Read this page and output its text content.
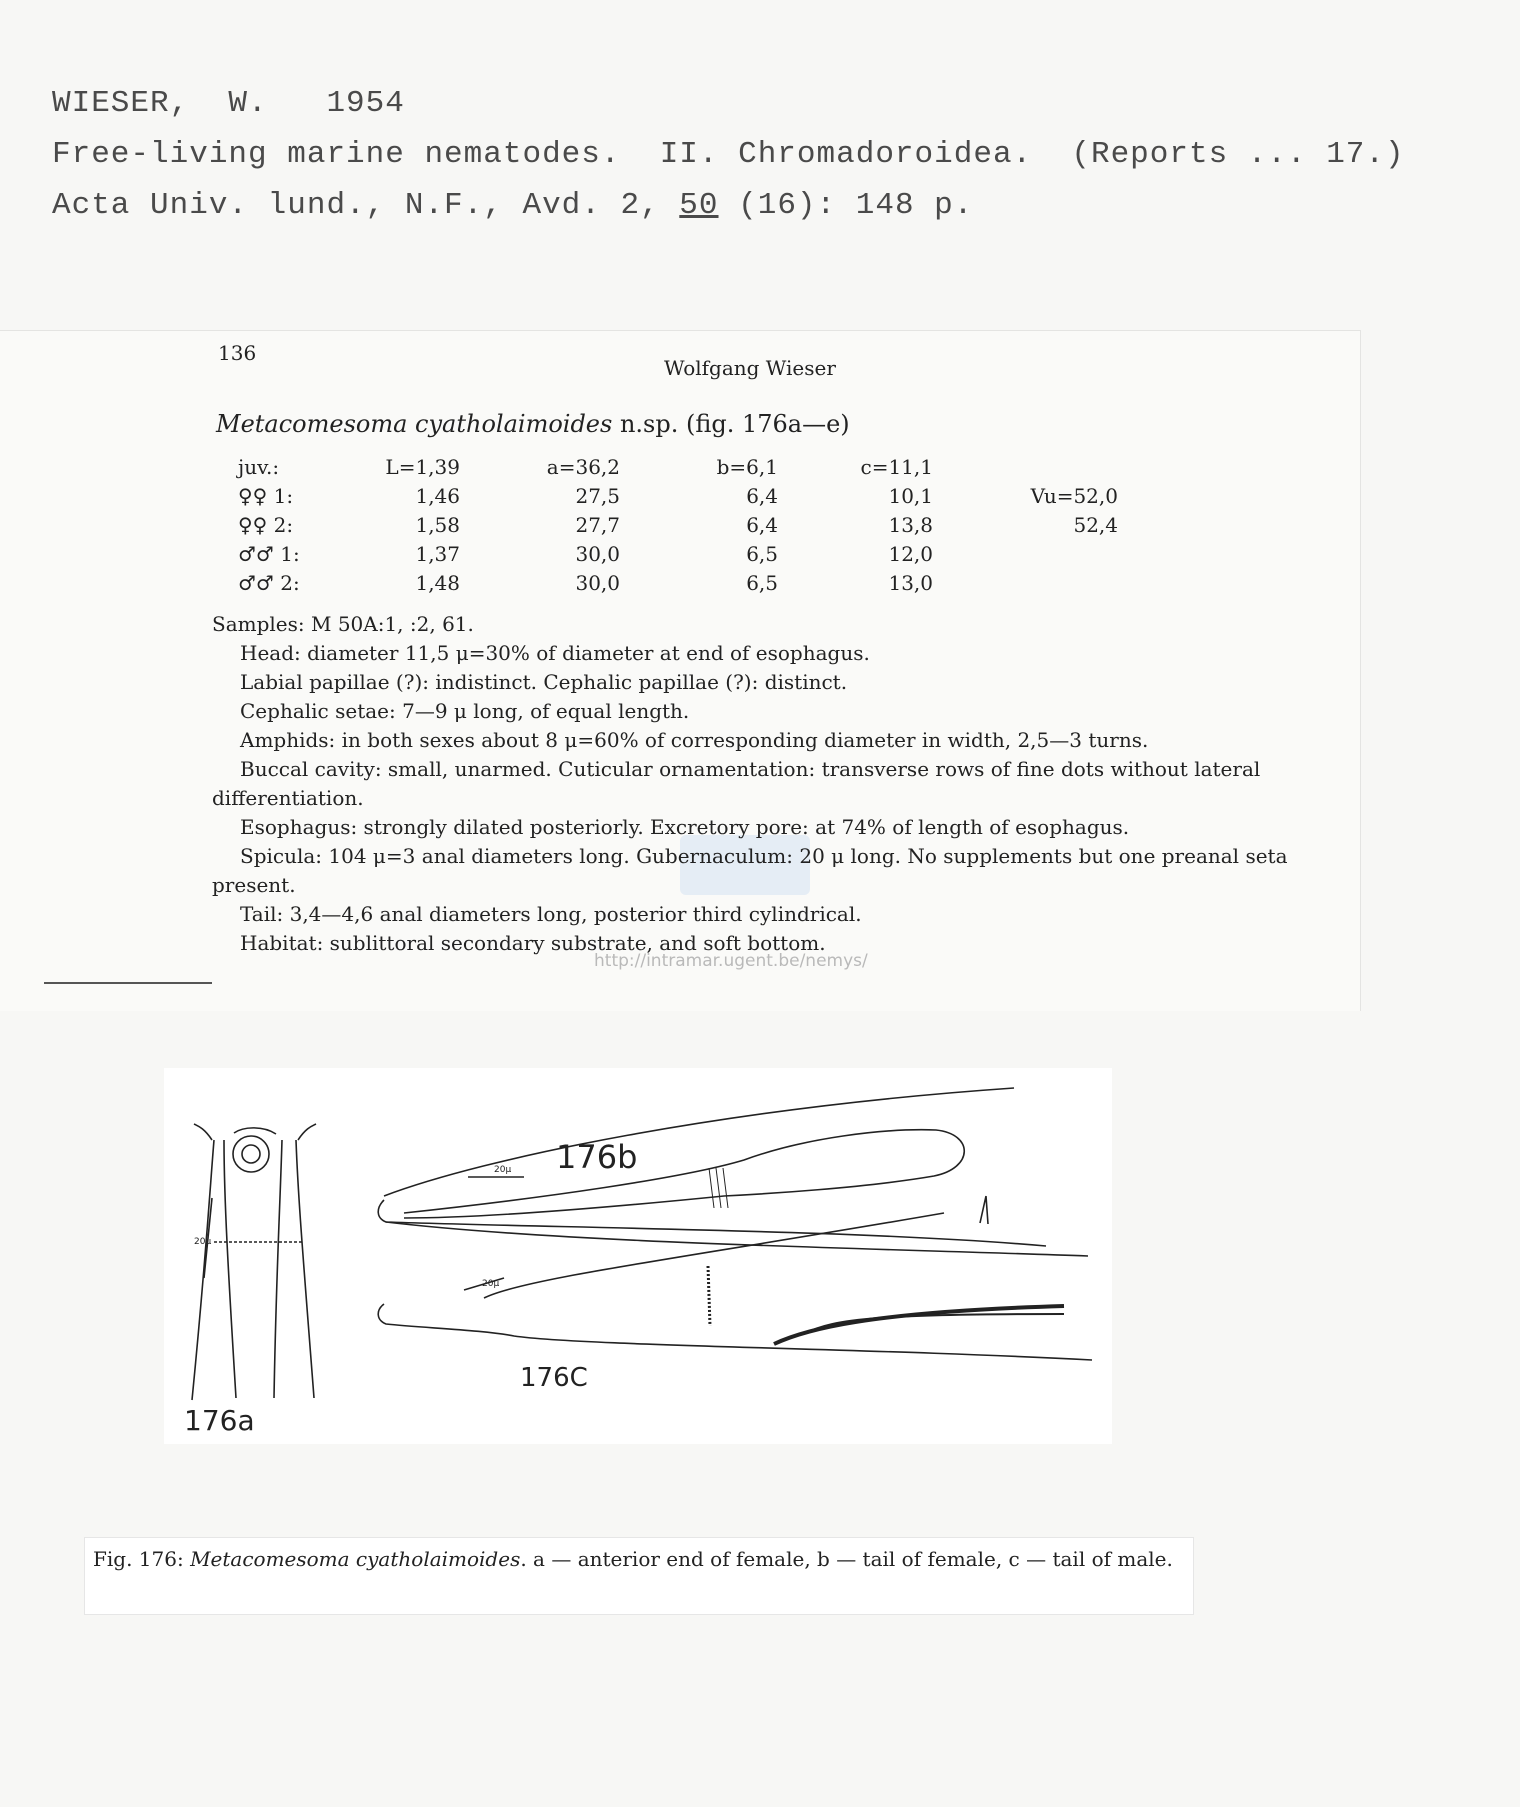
WIESER,  W.   1954
Free-living marine nematodes.  II. Chromadoroidea.  (Reports ... 17.)
Acta Univ. lund., N.F., Avd. 2, 50 (16): 148 p.
136
Wolfgang Wieser
Metacomesoma cyatholaimoides n.sp. (fig. 176a—e)
juv.:	L=1,39	a=36,2	b=6,1	c=11,1	
♀♀ 1:	1,46	27,5	6,4	10,1	Vu=52,0
♀♀ 2:	1,58	27,7	6,4	13,8	52,4
♂♂ 1:	1,37	30,0	6,5	12,0	
♂♂ 2:	1,48	30,0	6,5	13,0	

Samples: M 50A:1, :2, 61.

Head: diameter 11,5 μ=30% of diameter at end of esophagus.

Labial papillae (?): indistinct. Cephalic papillae (?): distinct.

Cephalic setae: 7—9 μ long, of equal length.

Amphids: in both sexes about 8 μ=60% of corresponding diameter in width, 2,5—3 turns.

Buccal cavity: small, unarmed. Cuticular ornamentation: transverse rows of fine dots without lateral differentiation.

Esophagus: strongly dilated posteriorly. Excretory pore: at 74% of length of esophagus.

Spicula: 104 μ=3 anal diameters long. Gubernaculum: 20 μ long. No supplements but one preanal seta present.

Tail: 3,4—4,6 anal diameters long, posterior third cylindrical.

Habitat: sublittoral secondary substrate, and soft bottom.

http://intramar.ugent.be/nemys/
176a
176b
176C
20μ
20μ
20μ
Fig. 176: Metacomesoma cyatholaimoides. a — anterior end of female, b — tail of female, c — tail of male.
